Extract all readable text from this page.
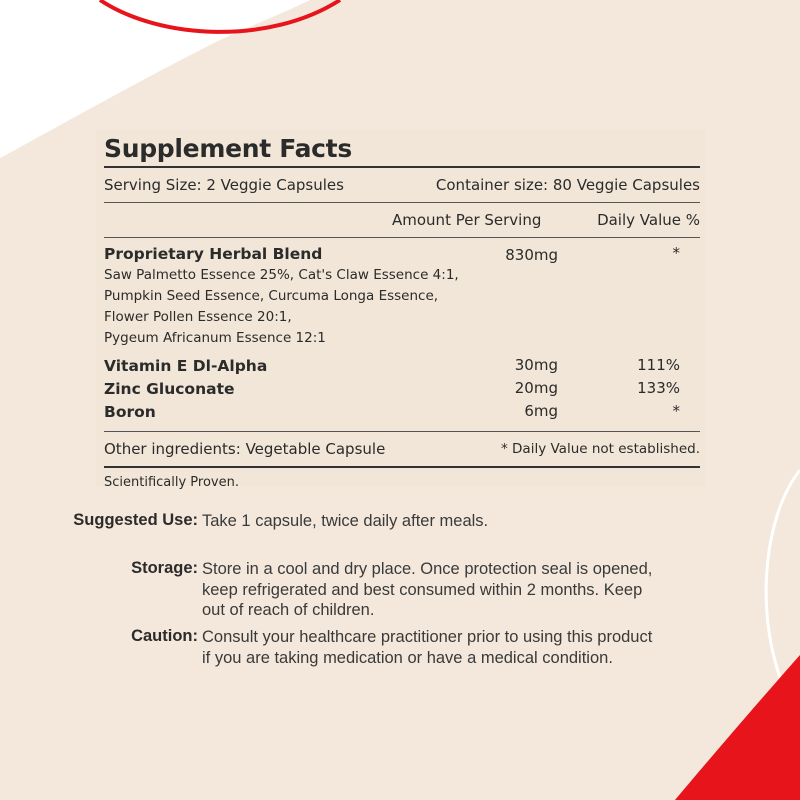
Supplement Facts
Serving Size: 2 Veggie Capsules	Container size: 80 Veggie Capsules
Amount Per Serving	Daily Value %
Proprietary Herbal Blend	830mg	*
Saw Palmetto Essence 25%, Cat's Claw Essence 4:1,
Pumpkin Seed Essence, Curcuma Longa Essence,
Flower Pollen Essence 20:1,
Pygeum Africanum Essence 12:1
Vitamin E Dl-Alpha	30mg	111%
Zinc Gluconate	20mg	133%
Boron	6mg	*
Other ingredients: Vegetable Capsule	* Daily Value not established.
Scientifically Proven.
Suggested Use: Take 1 capsule, twice daily after meals.
Storage: Store in a cool and dry place. Once protection seal is opened,
keep refrigerated and best consumed within 2 months. Keep
out of reach of children.
Caution: Consult your healthcare practitioner prior to using this product
if you are taking medication or have a medical condition.
